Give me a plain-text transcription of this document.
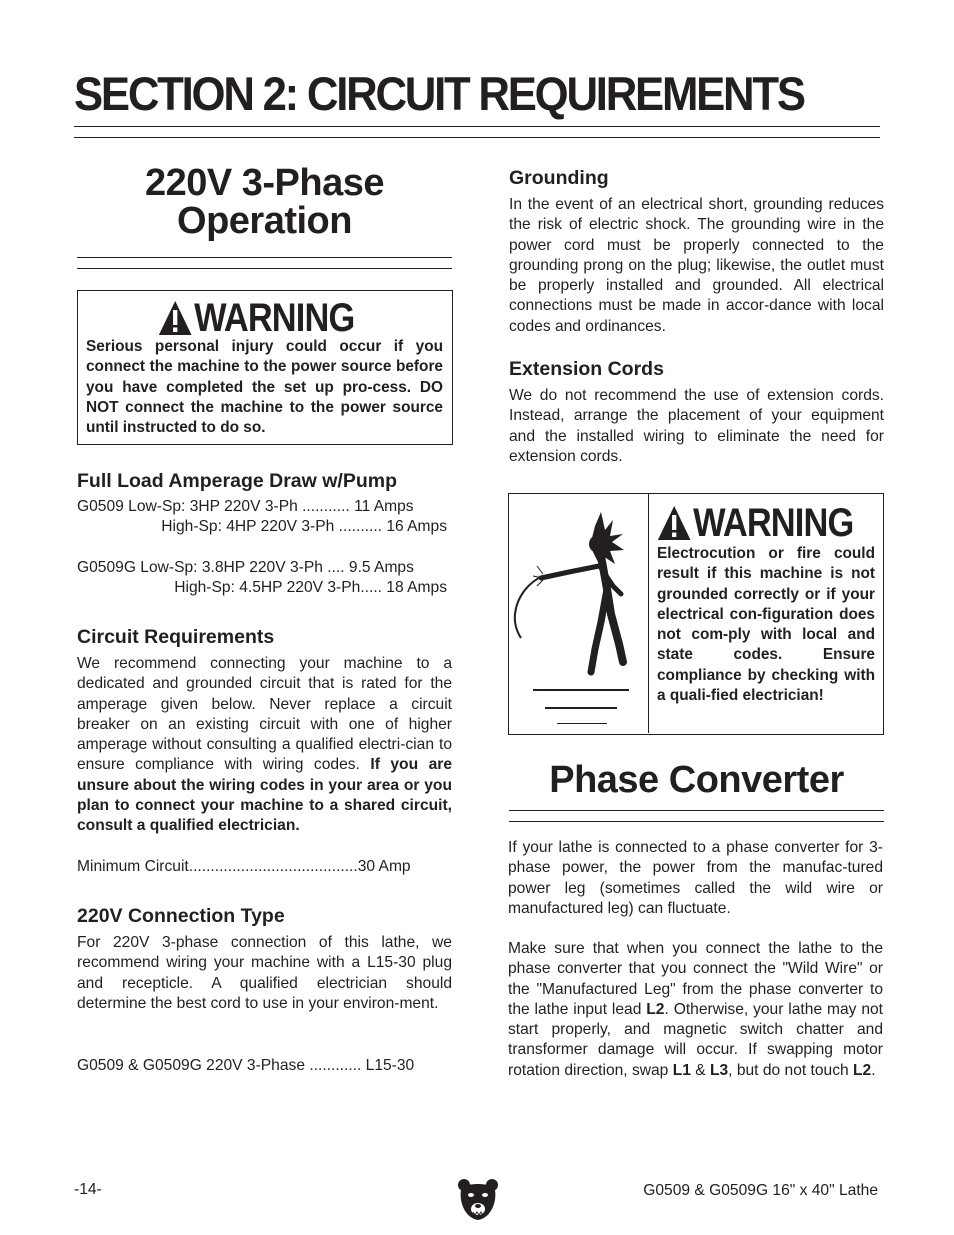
SECTION 2: CIRCUIT REQUIREMENTS
220V 3-Phase
Operation
WARNING
Serious personal injury could occur if you connect the machine to the power source before you have completed the set up pro-cess. DO NOT connect the machine to the power source until instructed to do so.
Full Load Amperage Draw w/Pump
G0509 Low-Sp: 3HP 220V 3-Ph ........... 11 Amps
High-Sp: 4HP 220V 3-Ph .......... 16 Amps
G0509G Low-Sp: 3.8HP 220V 3-Ph .... 9.5 Amps
High-Sp: 4.5HP 220V 3-Ph..... 18 Amps
Circuit Requirements
We recommend connecting your machine to a dedicated and grounded circuit that is rated for the amperage given below. Never replace a circuit breaker on an existing circuit with one of higher amperage without consulting a qualified electri-cian to ensure compliance with wiring codes. If you are unsure about the wiring codes in your area or you plan to connect your machine to a shared circuit, consult a qualified electrician.
Minimum Circuit.......................................30 Amp
220V Connection Type
For 220V 3-phase connection of this lathe, we recommend wiring your machine with a L15-30 plug and recepticle. A qualified electrician should determine the best cord to use in your environ-ment.
G0509 & G0509G 220V 3-Phase ............ L15-30
Grounding
In the event of an electrical short, grounding reduces the risk of electric shock. The grounding wire in the power cord must be properly connected to the grounding prong on the plug; likewise, the outlet must be properly installed and grounded. All electrical connections must be made in accor-dance with local codes and ordinances.
Extension Cords
We do not recommend the use of extension cords. Instead, arrange the placement of your equipment and the installed wiring to eliminate the need for extension cords.
WARNING
Electrocution or fire could result if this machine is not grounded correctly or if your electrical con-figuration does not com-ply with local and state codes. Ensure compliance by checking with a quali-fied electrician!
Phase Converter
If your lathe is connected to a phase converter for 3-phase power, the power from the manufac-tured power leg (sometimes called the wild wire or manufactured leg) can fluctuate.
Make sure that when you connect the lathe to the phase converter that you connect the "Wild Wire" or the "Manufactured Leg" from the phase converter to the lathe input lead L2. Otherwise, your lathe may not start properly, and magnetic switch chatter and transformer damage will occur. If swapping motor rotation direction, swap L1 & L3, but do not touch L2.
-14-	G0509 & G0509G 16" x 40" Lathe
